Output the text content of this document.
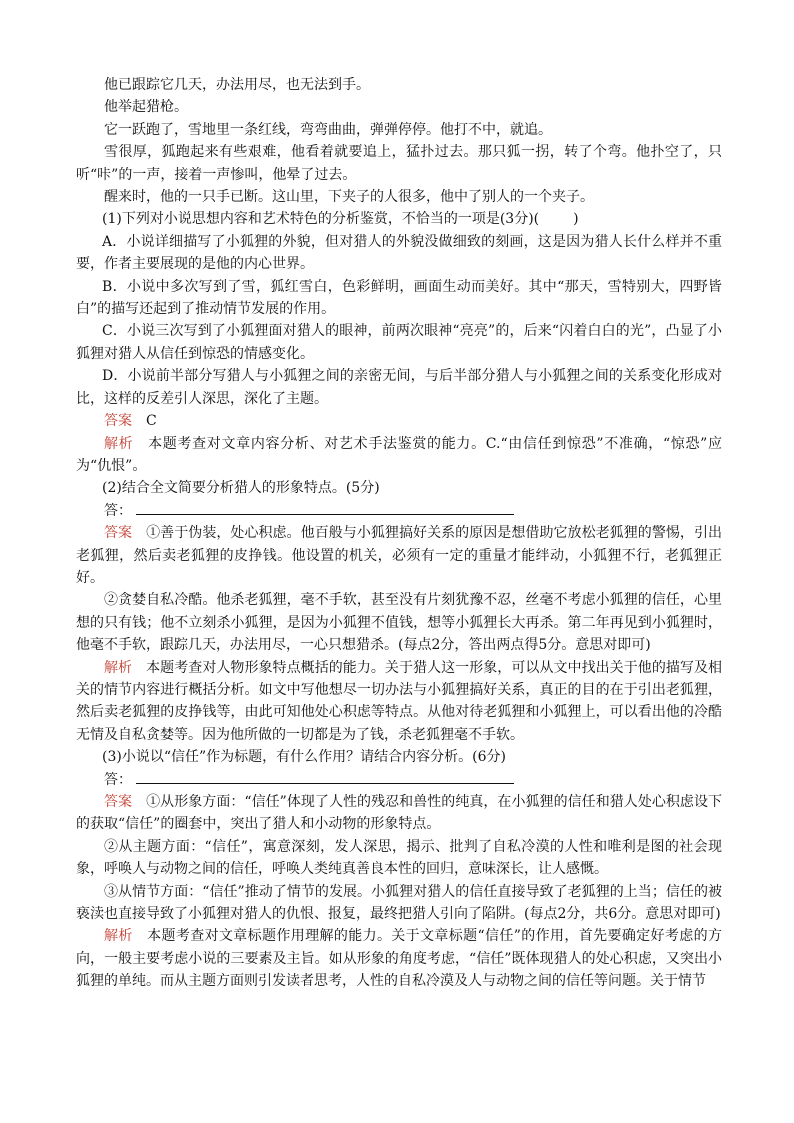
他已跟踪它几天，办法用尽，也无法到手。

他举起猎枪。

它一跃跑了，雪地里一条红线，弯弯曲曲，弹弹停停。他打不中，就追。

雪很厚，狐跑起来有些艰难，他看着就要追上，猛扑过去。那只狐一拐，转了个弯。他扑空了，只听“咔”的一声，接着一声惨叫，他晕了过去。

醒来时，他的一只手已断。这山里，下夹子的人很多，他中了别人的一个夹子。

(1)下列对小说思想内容和艺术特色的分析鉴赏，不恰当的一项是(3分)( )

A．小说详细描写了小狐狸的外貌，但对猎人的外貌没做细致的刻画，这是因为猎人长什么样并不重要，作者主要展现的是他的内心世界。

B．小说中多次写到了雪，狐红雪白，色彩鲜明，画面生动而美好。其中“那天，雪特别大，四野皆白”的描写还起到了推动情节发展的作用。

C．小说三次写到了小狐狸面对猎人的眼神，前两次眼神“亮亮”的，后来“闪着白白的光”，凸显了小狐狸对猎人从信任到惊恐的情感变化。

D．小说前半部分写猎人与小狐狸之间的亲密无间，与后半部分猎人与小狐狸之间的关系变化形成对比，这样的反差引人深思，深化了主题。

答案　 C

解析　 本题考查对文章内容分析、对艺术手法鉴赏的能力。C.“由信任到惊恐”不准确，“惊恐”应为“仇恨”。

(2)结合全文简要分析猎人的形象特点。(5分)

答：

答案　 ①善于伪装，处心积虑。他百般与小狐狸搞好关系的原因是想借助它放松老狐狸的警惕，引出老狐狸，然后卖老狐狸的皮挣钱。他设置的机关，必须有一定的重量才能绊动，小狐狸不行，老狐狸正好。

②贪婪自私冷酷。他杀老狐狸，毫不手软，甚至没有片刻犹豫不忍，丝毫不考虑小狐狸的信任，心里想的只有钱；他不立刻杀小狐狸，是因为小狐狸不值钱，想等小狐狸长大再杀。第二年再见到小狐狸时，他毫不手软，跟踪几天，办法用尽，一心只想猎杀。(每点2分，答出两点得5分。意思对即可)

解析　 本题考查对人物形象特点概括的能力。关于猎人这一形象，可以从文中找出关于他的描写及相关的情节内容进行概括分析。如文中写他想尽一切办法与小狐狸搞好关系，真正的目的在于引出老狐狸，然后卖老狐狸的皮挣钱等，由此可知他处心积虑等特点。从他对待老狐狸和小狐狸上，可以看出他的冷酷无情及自私贪婪等。因为他所做的一切都是为了钱，杀老狐狸毫不手软。

(3)小说以“信任”作为标题，有什么作用？请结合内容分析。(6分)

答：

答案　 ①从形象方面：“信任”体现了人性的残忍和兽性的纯真，在小狐狸的信任和猎人处心积虑设下的获取“信任”的圈套中，突出了猎人和小动物的形象特点。

②从主题方面：“信任”，寓意深刻，发人深思，揭示、批判了自私冷漠的人性和唯利是图的社会现象，呼唤人与动物之间的信任，呼唤人类纯真善良本性的回归，意味深长，让人感慨。

③从情节方面：“信任”推动了情节的发展。小狐狸对猎人的信任直接导致了老狐狸的上当；信任的被亵渎也直接导致了小狐狸对猎人的仇恨、报复，最终把猎人引向了陷阱。(每点2分，共6分。意思对即可)

解析　 本题考查对文章标题作用理解的能力。关于文章标题“信任”的作用，首先要确定好考虑的方向，一般主要考虑小说的三要素及主旨。如从形象的角度考虑，“信任”既体现猎人的处心积虑，又突出小狐狸的单纯。而从主题方面则引发读者思考，人性的自私冷漠及人与动物之间的信任等问题。关于情节
